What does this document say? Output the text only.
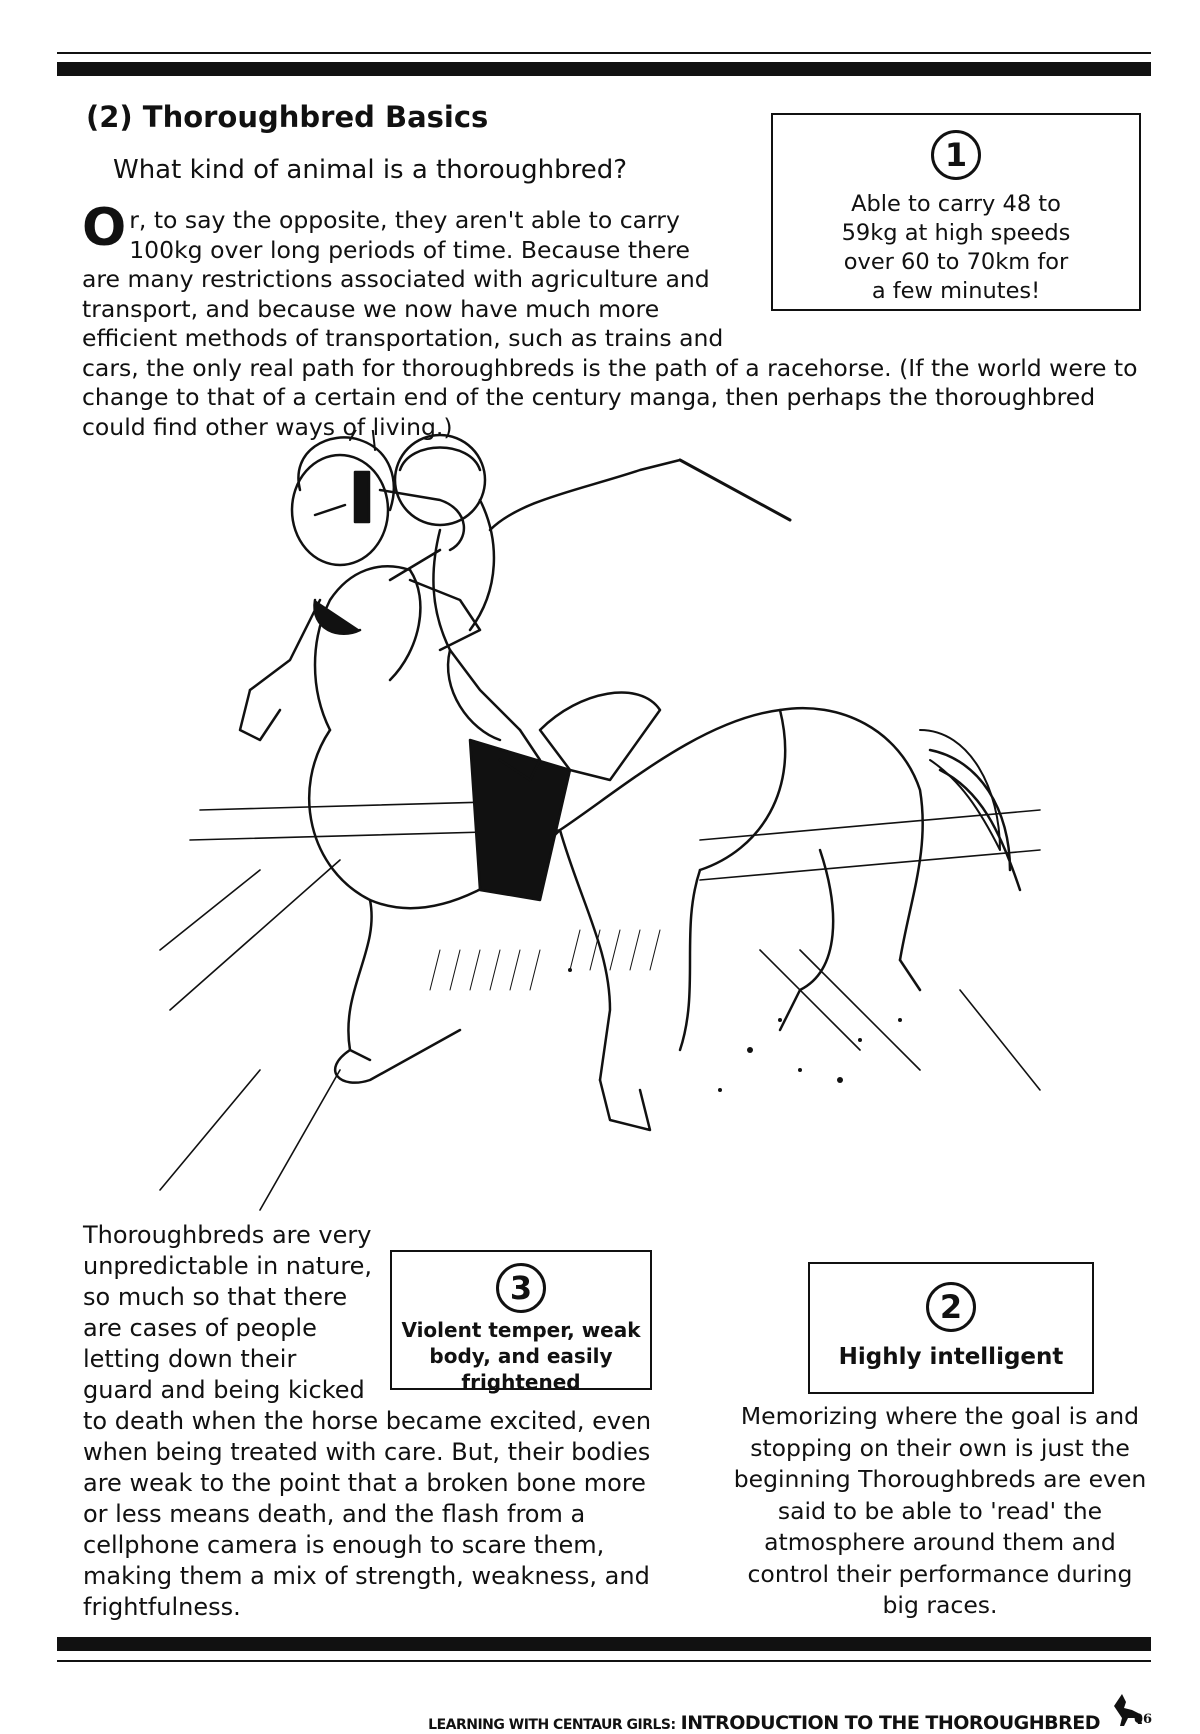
(2) Thoroughbred Basics
What kind of animal is a thoroughbred?
Or, to say the opposite, they aren't able to carry 100kg over long periods of time. Because there are many restrictions associated with agriculture and transport, and because we now have much more efficient methods of transportation, such as trains and cars, the only real path for thoroughbreds is the path of a racehorse. (If the world were to change to that of a certain end of the century manga, then perhaps the thoroughbred could find other ways of living.)
1
Able to carry 48 to 59kg at high speeds over 60 to 70km for a few minutes!
Thoroughbreds are very unpredictable in nature, so much so that there are cases of people letting down their guard and being kicked to death when the horse became excited, even when being treated with care. But, their bodies are weak to the point that a broken bone more or less means death, and the flash from a cellphone camera is enough to scare them, making them a mix of strength, weakness, and frightfulness.
3
Violent temper, weak body, and easily frightened
2
Highly intelligent
Memorizing where the goal is and stopping on their own is just the beginning Thoroughbreds are even said to be able to 'read' the atmosphere around them and control their performance during big races.
LEARNING WITH CENTAUR GIRLS: INTRODUCTION TO THE THOROUGHBRED	06
